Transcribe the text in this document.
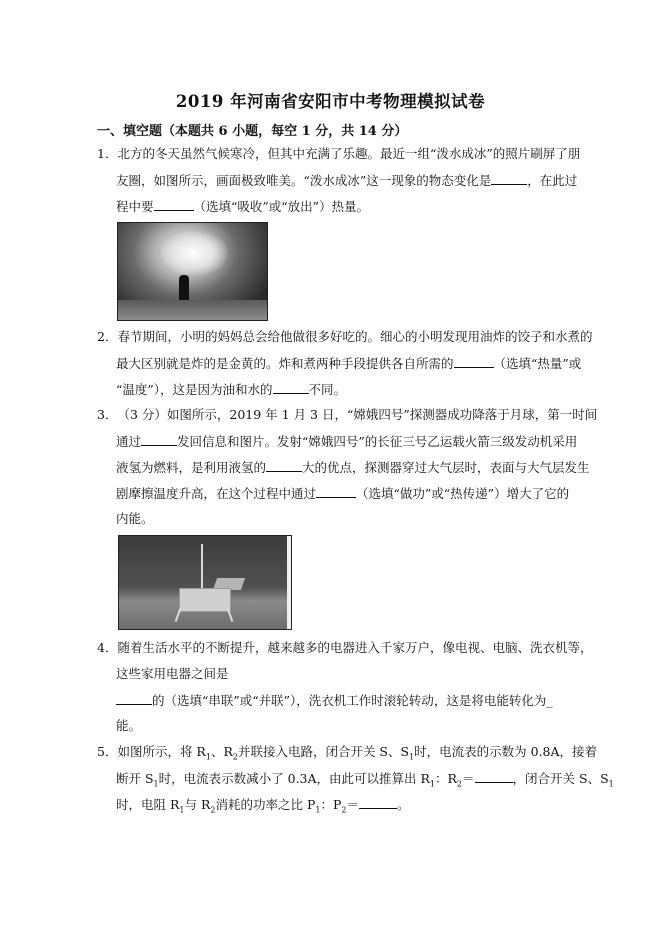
2019 年河南省安阳市中考物理模拟试卷
一、填空题（本题共 6 小题，每空 1 分，共 14 分）
1．北方的冬天虽然气候寒冷，但其中充满了乐趣。最近一组“泼水成冰”的照片刷屏了朋
友圈，如图所示，画面极致唯美。“泼水成冰”这一现象的物态变化是	，在此过
程中要	（选填“吸收”或“放出”）热量。
2．春节期间，小明的妈妈总会给他做很多好吃的。细心的小明发现用油炸的饺子和水煮的
最大区别就是炸的是金黄的。炸和煮两种手段提供各自所需的	（选填“热量”或
“温度”），这是因为油和水的	不同。
3．（3 分）如图所示，2019 年 1 月 3 日，“嫦娥四号”探测器成功降落于月球，第一时间
通过	发回信息和图片。发射“嫦娥四号”的长征三号乙运载火箭三级发动机采用
液氢为燃料，是利用液氢的	大的优点，探测器穿过大气层时，表面与大气层发生
剧摩擦温度升高，在这个过程中通过	（选填“做功”或“热传递”）增大了它的
内能。
4．随着生活水平的不断提升，越来越多的电器进入千家万户，像电视、电脑、洗衣机等，
这些家用电器之间是
的（选填“串联”或“并联”），洗衣机工作时滚轮转动，这是将电能转化为_
能。
5．如图所示，将 $R_1$、$R_2$并联接入电路，闭合开关 S、$S_1$时，电流表的示数为 0.8A，接着
断开 $S_1$时，电流表示数减小了 0.3A，由此可以推算出 $R_1$：$R_2=$	，闭合开关 S、$S_1$
时，电阻 $R_1$与 $R_2$消耗的功率之比 $P_1$：$P_2=$	。
